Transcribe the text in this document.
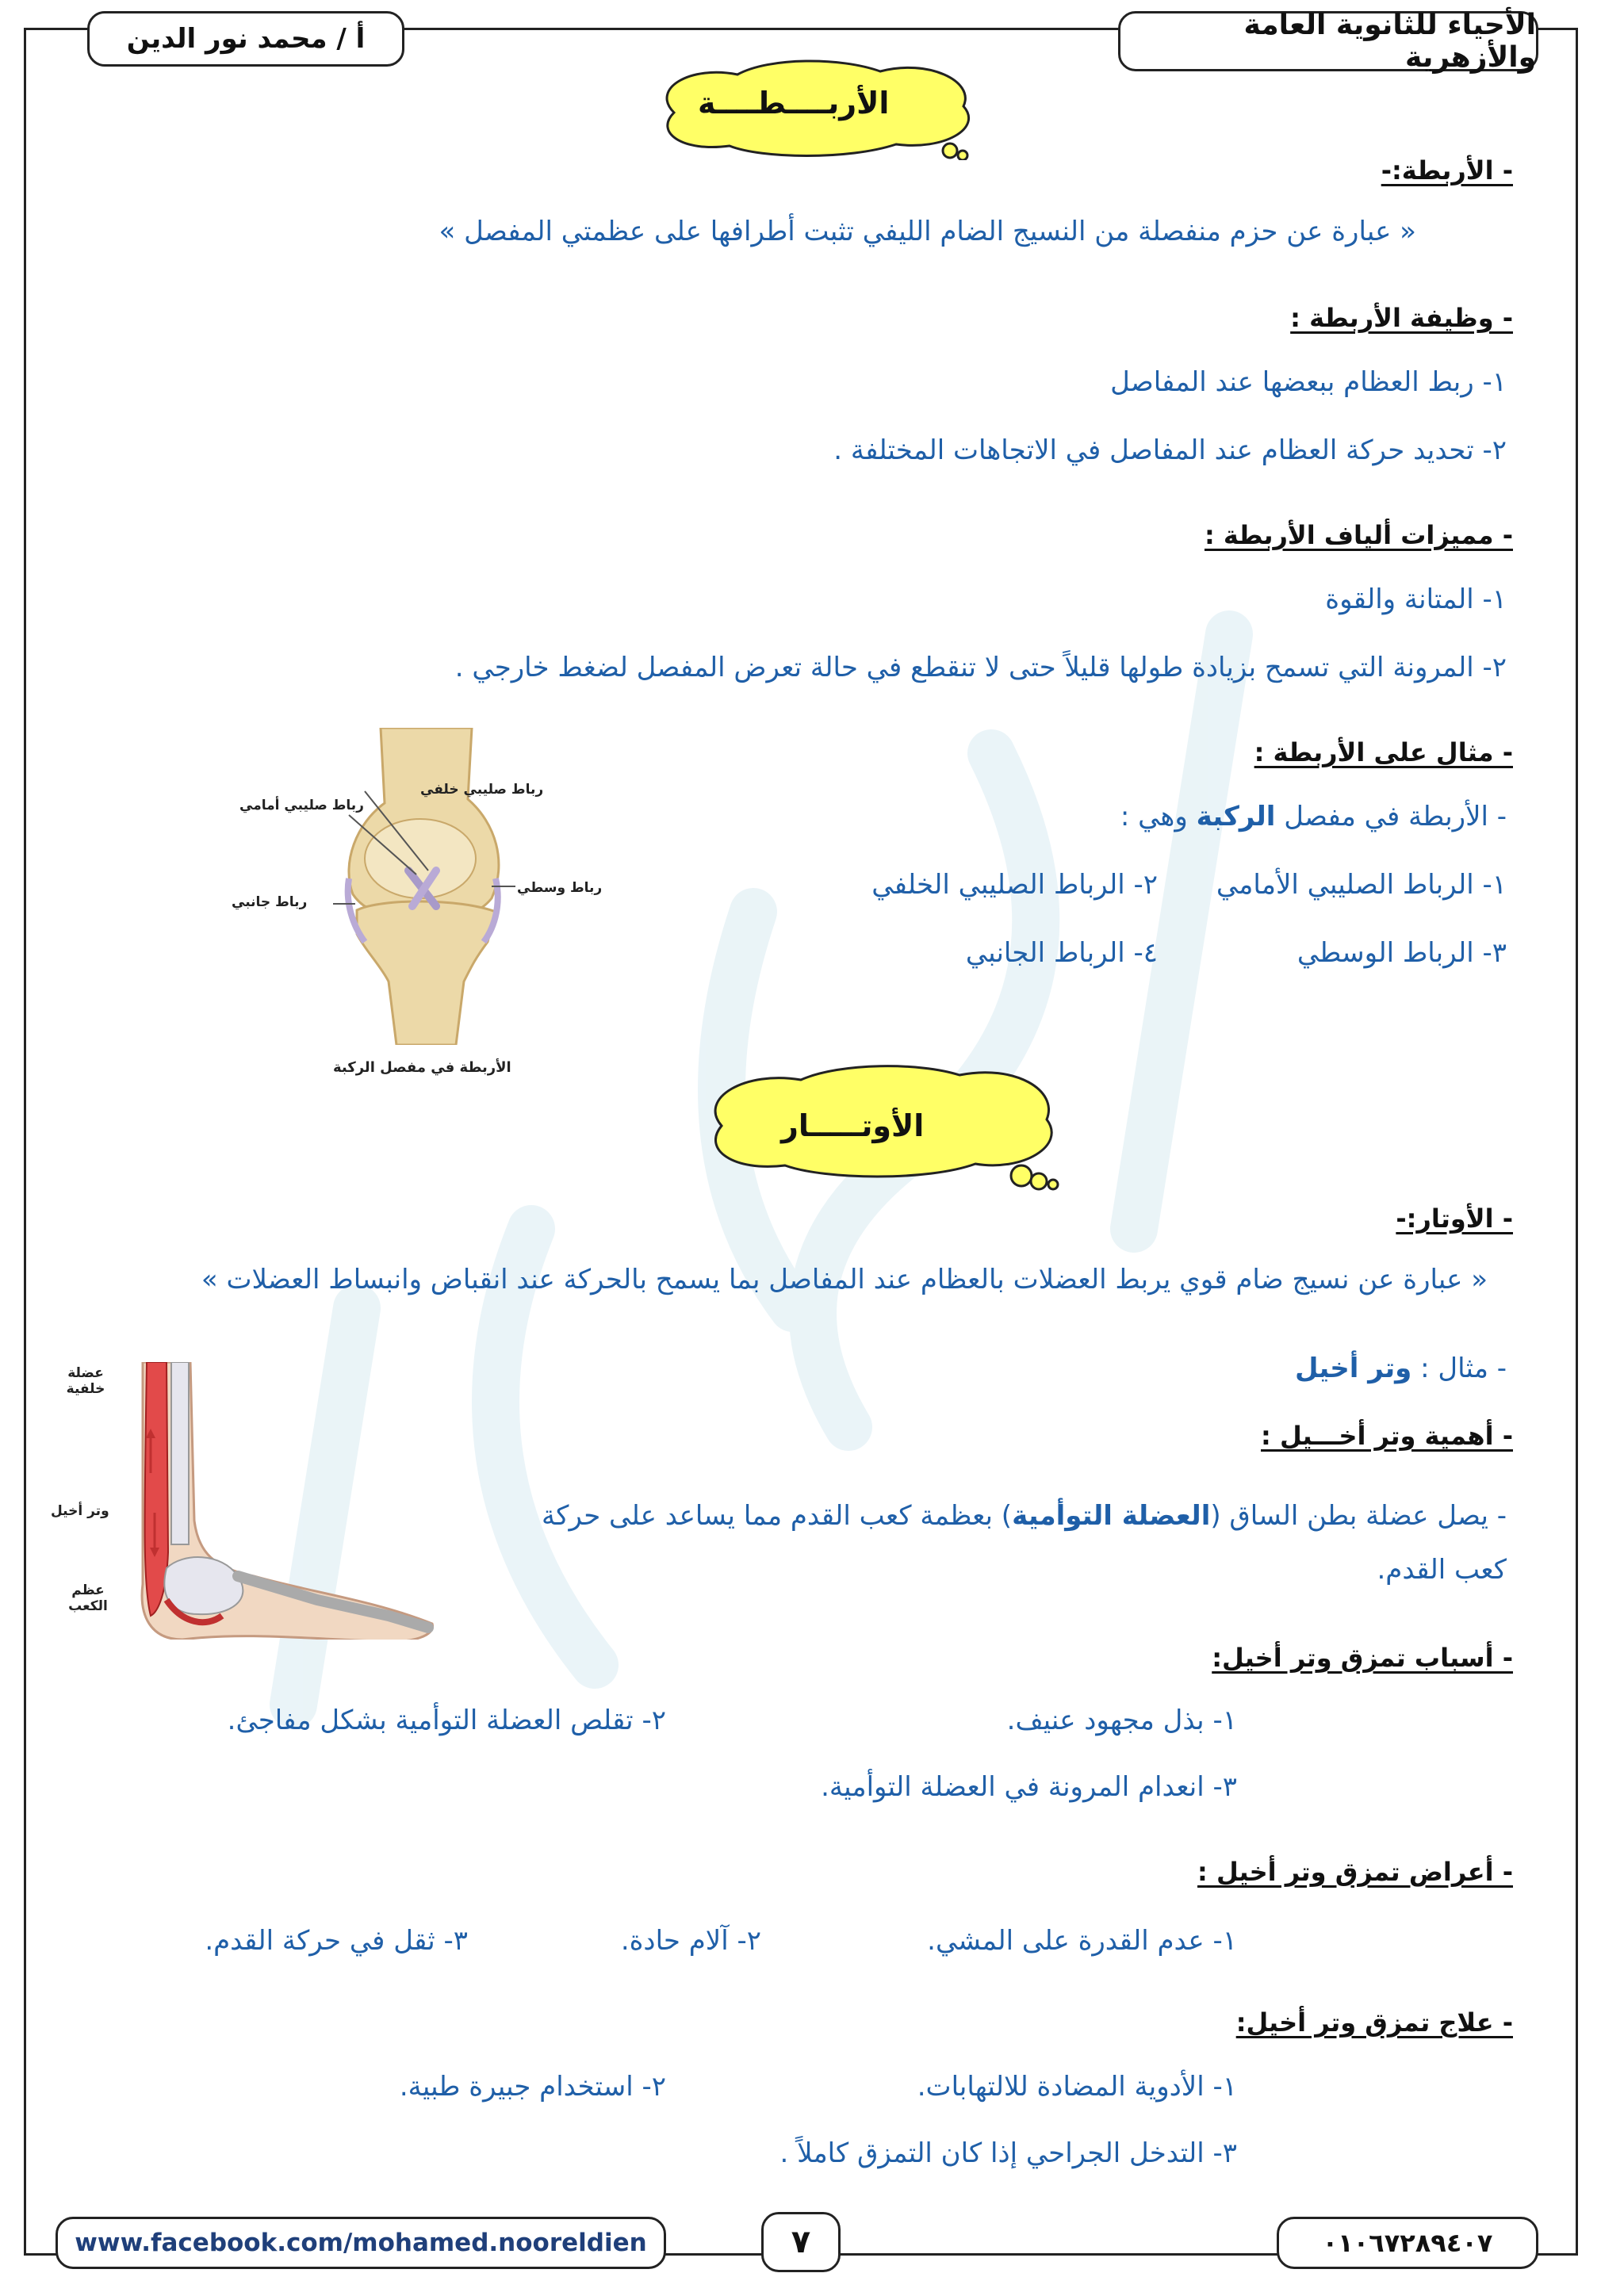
الأحياء للثانوية العامة والأزهرية
أ / محمد نور الدين
الأربــــطــــة
- الأربطة:-
« عبارة عن حزم منفصلة من النسيج الضام الليفي تثبت أطرافها على عظمتي المفصل »
- وظيفة الأربطة :
١- ربط العظام ببعضها عند المفاصل
٢- تحديد حركة العظام عند المفاصل في الاتجاهات المختلفة .
- مميزات ألياف الأربطة :
١- المتانة والقوة
٢- المرونة التي تسمح بزيادة طولها قليلاً حتى لا تنقطع في حالة تعرض المفصل لضغط خارجي .
- مثال على الأربطة :
- الأربطة في مفصل الركبة وهي :
١- الرباط الصليبي الأمامي
٢- الرباط الصليبي الخلفي
٣- الرباط الوسطي
٤- الرباط الجانبي
رباط صليبي خلفي
رباط صليبي أمامي
رباط وسطي
رباط جانبي
الأربطة في مفصل الركبة
الأوتـــــار
- الأوتار:-
« عبارة عن نسيج ضام قوي يربط العضلات بالعظام عند المفاصل بما يسمح بالحركة عند انقباض وانبساط العضلات »
- مثال : وتر أخيل
- أهمية وتر أخـــيل :
- يصل عضلة بطن الساق (العضلة التوأمية) بعظمة كعب القدم مما يساعد على حركة
كعب القدم.
عضلة خلفية
وتر أخيل
عظم الكعب
- أسباب تمزق وتر أخيل:
١- بذل مجهود عنيف.
٢- تقلص العضلة التوأمية بشكل مفاجئ.
٣- انعدام المرونة في العضلة التوأمية.
- أعراض تمزق وتر أخيل :
١- عدم القدرة على المشي.
٢- آلام حادة.
٣- ثقل في حركة القدم.
- علاج تمزق وتر أخيل:
١- الأدوية المضادة للالتهابات.
٢- استخدام جبيرة طبية.
٣- التدخل الجراحي إذا كان التمزق كاملاً .
www.facebook.com/mohamed.nooreldien	٧	٠١٠٦٧٢٨٩٤٠٧
